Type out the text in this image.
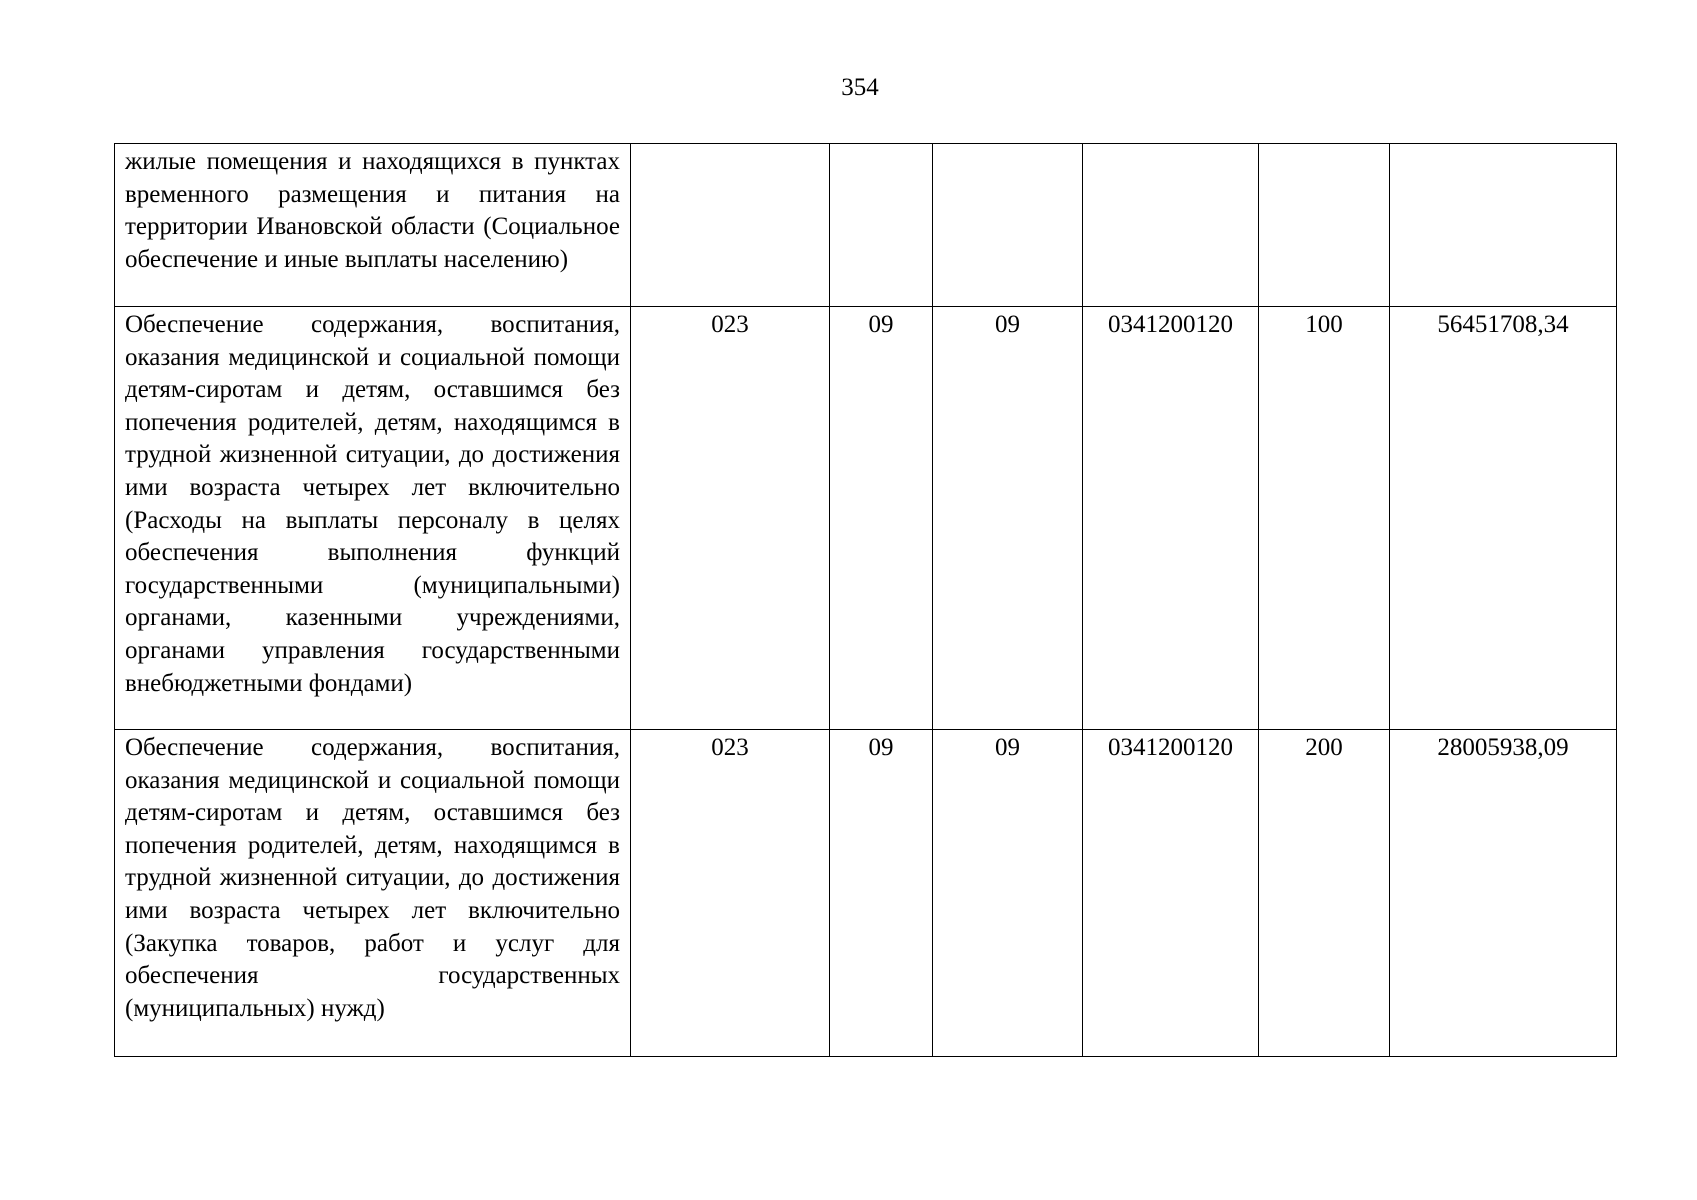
354
жилые помещения и находящихся в пунктах временного размещения и питания на территории Ивановской области (Социальное обеспечение и иные выплаты населению)						
Обеспечение содержания, воспитания, оказания медицинской и социальной помощи детям-сиротам и детям, оставшимся без попечения родителей, детям, находящимся в трудной жизненной ситуации, до достижения ими возраста четырех лет включительно (Расходы на выплаты персоналу в целях обеспечения выполнения функций государственными (муниципальными) органами, казенными учреждениями, органами управления государственными внебюджетными фондами)	023	09	09	0341200120	100	56451708,34
Обеспечение содержания, воспитания, оказания медицинской и социальной помощи детям-сиротам и детям, оставшимся без попечения родителей, детям, находящимся в трудной жизненной ситуации, до достижения ими возраста четырех лет включительно (Закупка товаров, работ и услуг для обеспечения государственных (муниципальных) нужд)	023	09	09	0341200120	200	28005938,09
